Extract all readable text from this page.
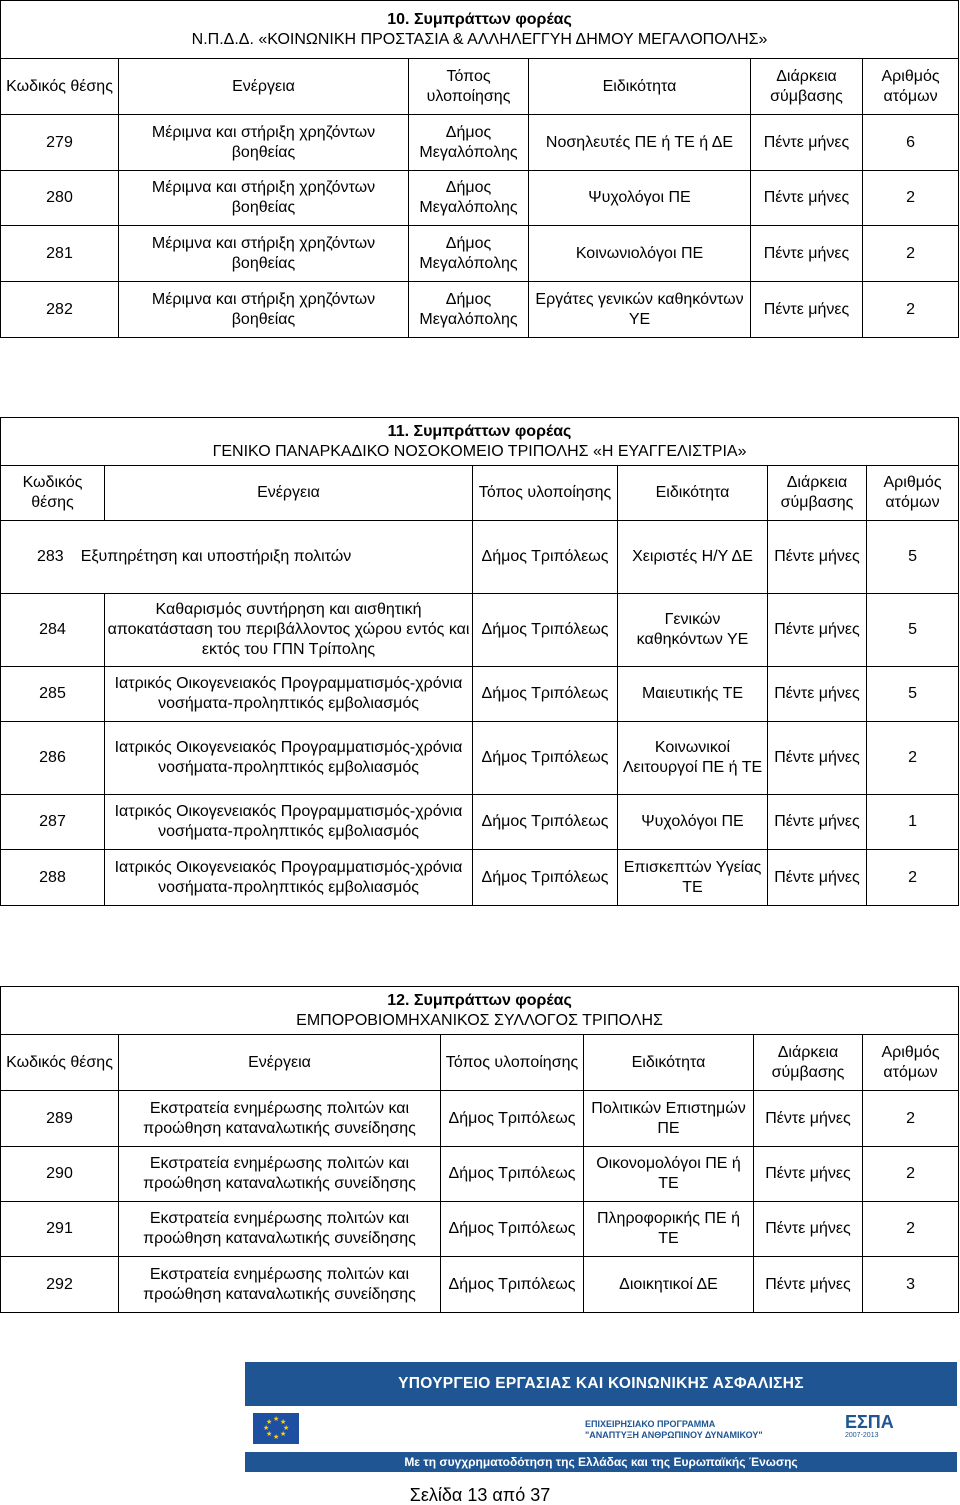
10. Συμπράττων φορέας
Ν.Π.Δ.Δ. «ΚΟΙΝΩΝΙΚΗ ΠΡΟΣΤΑΣΙΑ & ΑΛΛΗΛΕΓΓΥΗ ΔΗΜΟΥ ΜΕΓΑΛΟΠΟΛΗΣ»					

Κωδικός θέσης	Ενέργεια	Τόπος υλοποίησης	Ειδικότητα	Διάρκεια σύμβασης	Αριθμός ατόμων
279	Μέριμνα και στήριξη χρηζόντων βοηθείας	Δήμος Μεγαλόπολης	Νοσηλευτές ΠΕ ή ΤΕ ή ΔΕ	Πέντε μήνες	6
280	Μέριμνα και στήριξη χρηζόντων βοηθείας	Δήμος Μεγαλόπολης	Ψυχολόγοι ΠΕ	Πέντε μήνες	2
281	Μέριμνα και στήριξη χρηζόντων βοηθείας	Δήμος Μεγαλόπολης	Κοινωνιολόγοι ΠΕ	Πέντε μήνες	2
282	Μέριμνα και στήριξη χρηζόντων βοηθείας	Δήμος Μεγαλόπολης	Εργάτες γενικών καθηκόντων ΥΕ	Πέντε μήνες	2
11. Συμπράττων φορέας
ΓΕΝΙΚΟ ΠΑΝΑΡΚΑΔΙΚΟ ΝΟΣΟΚΟΜΕΙΟ ΤΡΙΠΟΛΗΣ «Η ΕΥΑΓΓΕΛΙΣΤΡΙΑ»					

Κωδικός θέσης	Ενέργεια	Τόπος υλοποίησης	Ειδικότητα	Διάρκεια σύμβασης	Αριθμός ατόμων
283 Εξυπηρέτηση και υποστήριξη πολιτών		Δήμος Τριπόλεως	Χειριστές Η/Υ ΔΕ	Πέντε μήνες	5
284	Καθαρισμός συντήρηση και αισθητική αποκατάσταση του περιβάλλοντος χώρου εντός και εκτός του ΓΠΝ Τρίπολης	Δήμος Τριπόλεως	Γενικών καθηκόντων ΥΕ	Πέντε μήνες	5
285	Ιατρικός Οικογενειακός Προγραμματισμός-χρόνια νοσήματα-προληπτικός εμβολιασμός	Δήμος Τριπόλεως	Μαιευτικής ΤΕ	Πέντε μήνες	5
286	Ιατρικός Οικογενειακός Προγραμματισμός-χρόνια νοσήματα-προληπτικός εμβολιασμός	Δήμος Τριπόλεως	Κοινωνικοί Λειτουργοί ΠΕ ή ΤΕ	Πέντε μήνες	2
287	Ιατρικός Οικογενειακός Προγραμματισμός-χρόνια νοσήματα-προληπτικός εμβολιασμός	Δήμος Τριπόλεως	Ψυχολόγοι ΠΕ	Πέντε μήνες	1
288	Ιατρικός Οικογενειακός Προγραμματισμός-χρόνια νοσήματα-προληπτικός εμβολιασμός	Δήμος Τριπόλεως	Επισκεπτών Υγείας ΤΕ	Πέντε μήνες	2
12. Συμπράττων φορέας
ΕΜΠΟΡΟΒΙΟΜΗΧΑΝΙΚΟΣ ΣΥΛΛΟΓΟΣ ΤΡΙΠΟΛΗΣ					

Κωδικός θέσης	Ενέργεια	Τόπος υλοποίησης	Ειδικότητα	Διάρκεια σύμβασης	Αριθμός ατόμων
289	Εκστρατεία ενημέρωσης πολιτών και προώθηση καταναλωτικής συνείδησης	Δήμος Τριπόλεως	Πολιτικών Επιστημών ΠΕ	Πέντε μήνες	2
290	Εκστρατεία ενημέρωσης πολιτών και προώθηση καταναλωτικής συνείδησης	Δήμος Τριπόλεως	Οικονομολόγοι ΠΕ ή ΤΕ	Πέντε μήνες	2
291	Εκστρατεία ενημέρωσης πολιτών και προώθηση καταναλωτικής συνείδησης	Δήμος Τριπόλεως	Πληροφορικής ΠΕ ή ΤΕ	Πέντε μήνες	2
292	Εκστρατεία ενημέρωσης πολιτών και προώθηση καταναλωτικής συνείδησης	Δήμος Τριπόλεως	Διοικητικοί ΔΕ	Πέντε μήνες	3
ΥΠΟΥΡΓΕΙΟ ΕΡΓΑΣΙΑΣ ΚΑΙ ΚΟΙΝΩΝΙΚΗΣ ΑΣΦΑΛΙΣΗΣ
★ ★
★
★
★
★
★
★	ΕΠΙΧΕΙΡΗΣΙΑΚΟ ΠΡΟΓΡΑΜΜΑ
"ΑΝΑΠΤΥΞΗ ΑΝΘΡΩΠΙΝΟΥ ΔΥΝΑΜΙΚΟΥ"
ΕΣΠΑ
2007-2013
Με τη συγχρηματοδότηση της Ελλάδας και της Ευρωπαϊκής Ένωσης
Σελίδα 13 από 37
